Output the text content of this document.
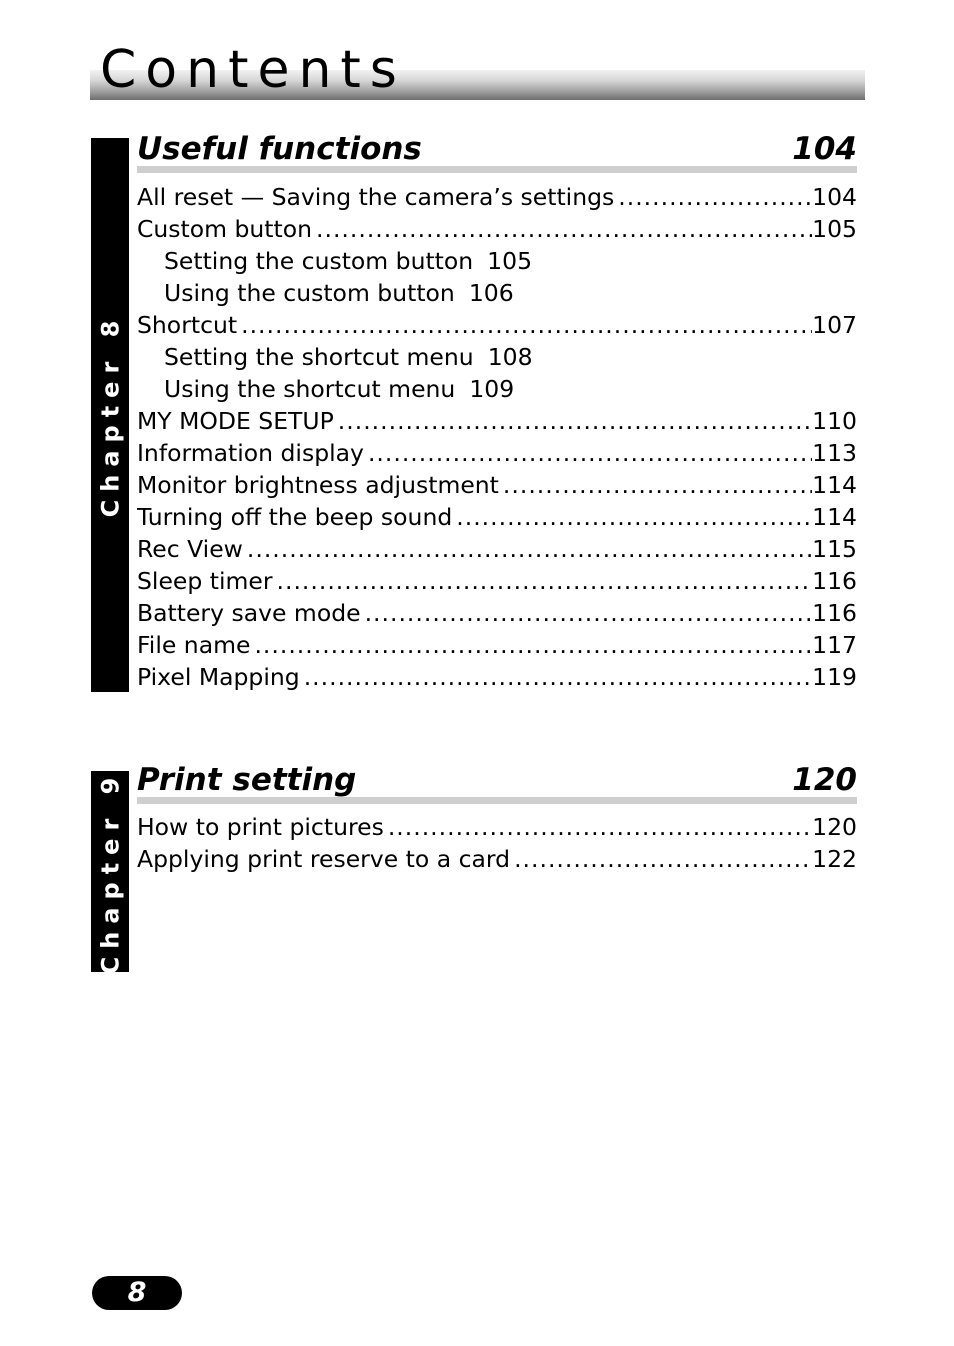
Contents
Chapter 8
Useful functions	104
All reset — Saving the camera’s settings .....	104
Custom button .....	105
Setting the custom button 105
Using the custom button 106
Shortcut .....	107
Setting the shortcut menu 108
Using the shortcut menu 109
MY MODE SETUP .....	110
Information display .....	113
Monitor brightness adjustment .....	114
Turning off the beep sound .....	114
Rec View .....	115
Sleep timer .....	116
Battery save mode .....	116
File name .....	117
Pixel Mapping .....	119
Chapter 9 Print setting	120
How to print pictures .....	120
Applying print reserve to a card .....	122
8
